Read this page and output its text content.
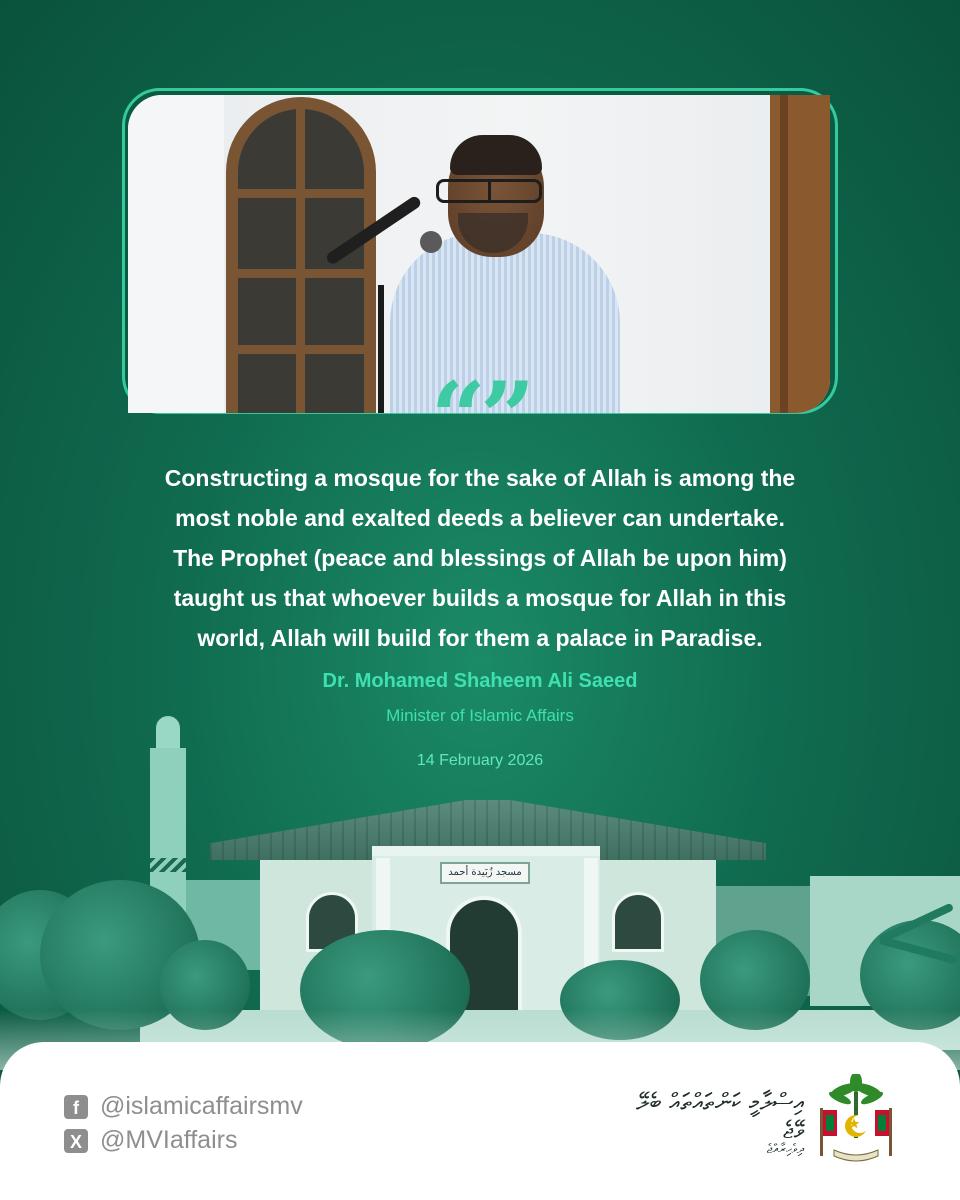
“”
Constructing a mosque for the sake of Allah is among the
most noble and exalted deeds a believer can undertake.
The Prophet (peace and blessings of Allah be upon him)
taught us that whoever builds a mosque for Allah in this
world, Allah will build for them a palace in Paradise.
Dr. Mohamed Shaheem Ali Saeed
Minister of Islamic Affairs
14 February 2026
مسجد زُبَيدة أحمد
f @islamicaffairsmv
X @MVIaffairs
އިސްލާމީ ކަންތައްތައް ބެލޭ ވޭޖެ
ދިވެހިރާއްޖެ
